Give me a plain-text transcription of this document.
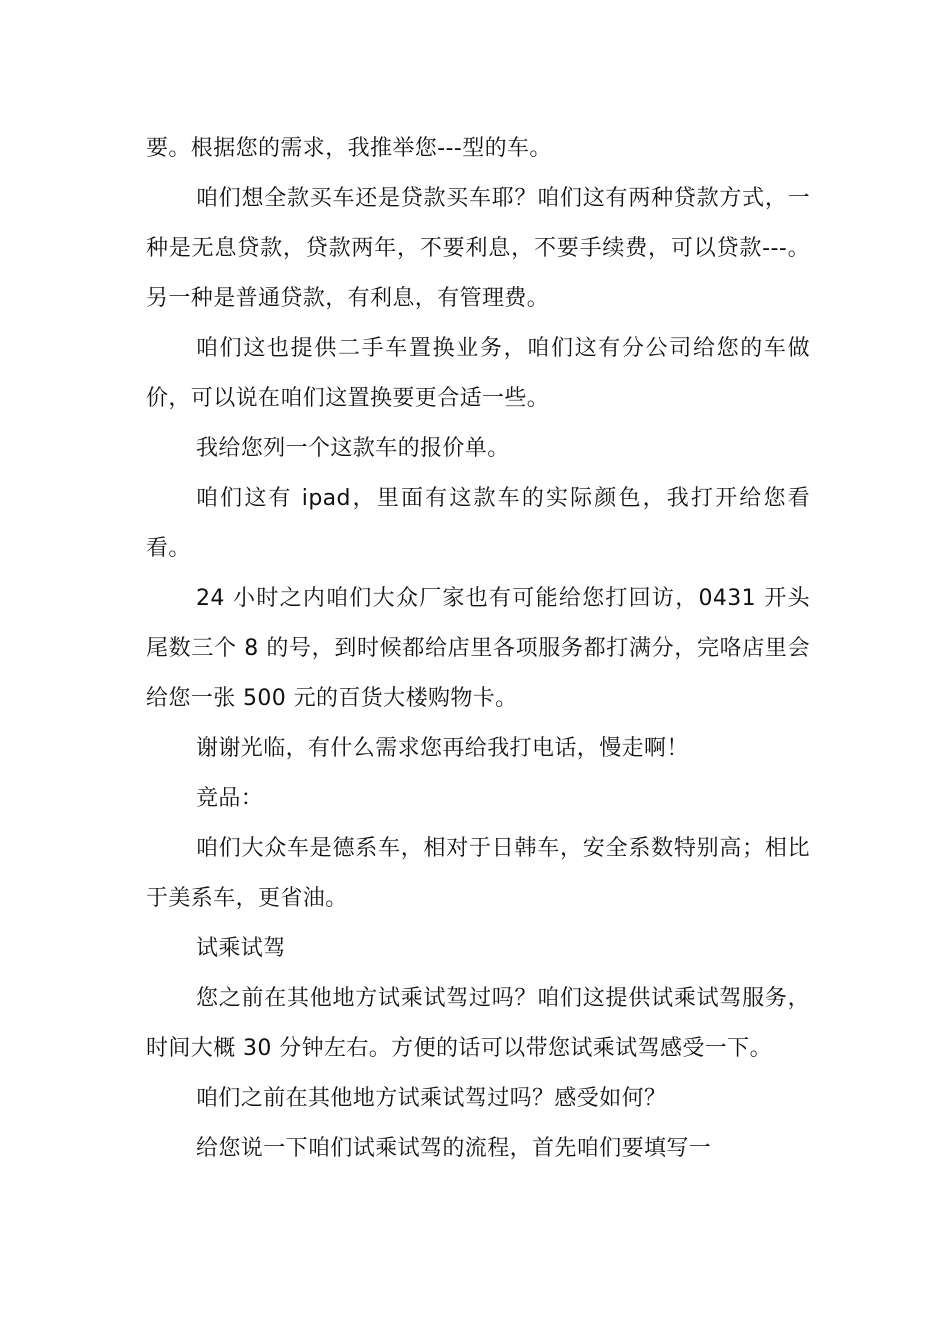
要。根据您的需求，我推举您---型的车。

咱们想全款买车还是贷款买车耶？咱们这有两种贷款方式，一种是无息贷款，贷款两年，不要利息，不要手续费，可以贷款---。另一种是普通贷款，有利息，有管理费。

咱们这也提供二手车置换业务，咱们这有分公司给您的车做价，可以说在咱们这置换要更合适一些。

我给您列一个这款车的报价单。

咱们这有 ipad，里面有这款车的实际颜色，我打开给您看看。

24 小时之内咱们大众厂家也有可能给您打回访，0431 开头尾数三个 8 的号，到时候都给店里各项服务都打满分，完咯店里会给您一张 500 元的百货大楼购物卡。

谢谢光临，有什么需求您再给我打电话，慢走啊！

竞品：

咱们大众车是德系车，相对于日韩车，安全系数特别高；相比于美系车，更省油。

试乘试驾

您之前在其他地方试乘试驾过吗？咱们这提供试乘试驾服务，时间大概 30 分钟左右。方便的话可以带您试乘试驾感受一下。

咱们之前在其他地方试乘试驾过吗？感受如何？

给您说一下咱们试乘试驾的流程，首先咱们要填写一
